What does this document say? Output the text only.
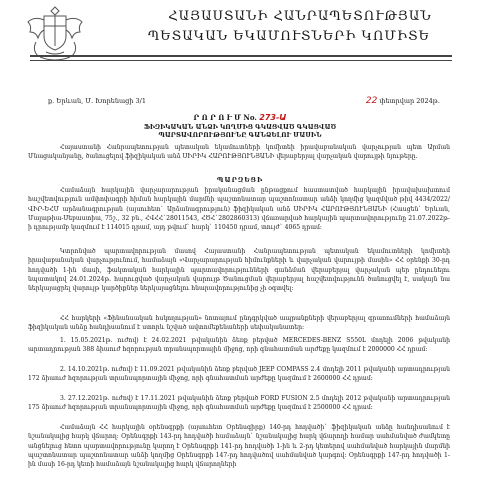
ՀԱՅԱՍՏԱՆԻ ՀԱՆՐԱՊԵՏՈՒԹՅԱՆ
ՊԵՏԱԿԱՆ ԵԿԱՄՈՒՏՆԵՐԻ ԿՈՄԻՏԵ
ք. Երևան, Մ. Խորենացի 3/1	22 փետրվար 2024թ.
Ր Ո Ր Ո Ւ Մ No. 273-Ա
ՖԻԶԻԿԱԿԱՆ ԱՆՁԻ ԿՈՂՄԻՑ ԳԿԱՑՎԱԾ ԳԿԱՑՎԱԾ
ՊԱՐՏԱՎՈՐՈՒԹՅՈՒՆԸ ԳԱՆՁԵԼՈՒ ՄԱՍԻՆ

Հայաստանի Հանրապետության պետական եկամուտների կոմիտեի իրավաբանական վարչության պետ Արման Մնացականյանը, ծանուցելով ֆիզիկական անձ ՍԻՐԻԿ ՀԱՐՈՒԹՅՈՒՆՅԱՆԻ վերաբերյալ վարչական վարույթի նյութերը.

ՊԱՐԶԵՑԻ

Համաձայն հարկային վարչարարության իրականացման ընթացքում հաստատված հարկային իրավախախտում հաշվետվություն ամփոփագրի հիման հարկային մարմնի պաշտոնատար պաշտոնատար անձի կողմից կազմված թիվ 4434/2022/ՎԻՐ-ԵՀՄ արձանագրության (այսուհետ` Արձանագրություն) ֆիզիկական անձ ՍԻՐԻԿ ՀԱՐՈՒԹՅՈՒՆՅԱՆԻ (Հասցեն` Երևան, Մալաթիա-Սեբաստիա, 75շ., 32 բն., ՀՎՀՀ`28011543, ՀԾՀ`2802860313) վճառարված հարկային պարտավորությունը 21.07.2022թ-ի դրությամբ կազմում է 114015 դրամ, այդ թվում` հարկ` 110450 դրամ, տույժ` 4065 դրամ:

Կտրոնված պարտավորության մասով Հայաստանի Հանրապետության պետական եկամուտների կոմիտեի իրավաբանական վարչությունում, համաձայն «Վարչարարության հիմունքների և վարչական վարույթի մասին» ՀՀ օրենքի 30-րդ հոդվածի 1-ին մասի, ֆակտական հարկային պարտավորությունների գանձման վերաբերյալ վարչական պեր ընդունելու նպատակով 24.01.2024թ. հարուցված վարչական վարույթ Ծանուցման վերաբերյալ հաշվետվությունն ծանուցվել է, սակայն նա ներկայացրել վարույթ կարծիքներ ներկայացնելու հնարավորությունից չի օգտվել:

ՀՀ հարկերի «Ֆինանսական հսկողության» նոտայում ընդգրկված ապրանքների վերաբերյալ գրառումների համաձայն ֆիզիկական անձը հանդիսանում է ստորև նշված ավտոմեքենաների սեփականատեր:

1. 15.05.2021թ. ուժով) է 24.02.2021 թվականին ձեռք բերված MERCEDES-BENZ S550L մոդելի 2006 թվականի արտադրության 388 ձիաուժ հզորության տրանսպորտային միջոց, որի գնահատման արժեքը կազմում է 2000000 ՀՀ դրամ:

2. 14.10.2021թ. ուժով) է 11.09.2021 թվականին ձեռք բերված JEEP COMPASS 2.4 մոդելի 2011 թվականի արտադրության 172 ձիաուժ հզորության տրանսպորտային միջոց, որի գնահատման արժեքը կազմում է 2600000 ՀՀ դրամ:

3. 27.12.2021թ. ուժով) է 17.11.2021 թվականին ձեռք բերված FORD FUSION 2.5 մոդելի 2012 թվականի արտադրության 175 ձիաուժ հզորության տրանսպորտային միջոց, որի գնահատման արժեքը կազմում է 2500000 ՀՀ դրամ:

Համաձայն ՀՀ հարկային օրենսգրքի (այսուհետ Օրենսգիրք) 140-րդ հոդվածի` ֆիզիկական անձը հանդիսանում է նշանակալից հարկ վճարող: Օրենսգրքի 143-րդ հոդվածի համաձայն` նշանակալից հարկ վճարողի համար սահմանված ժամկետը անցնելուց հետո պարտավորությունը կարող է Օրենսգրքի 141-րդ հոդվածի 1-ին և 2-րդ կետերով սահմանված հարկային մարմնի պաշտոնատար պաշտոնատար անձի կողմից Օրենսգրքի 147-րդ հոդվածով սահմանված կարգով: Օրենսգրքի 147-րդ հոդվածի 1-ին մասի 16-րդ կետի համաձայն նշանակալից հարկ վճարողների
